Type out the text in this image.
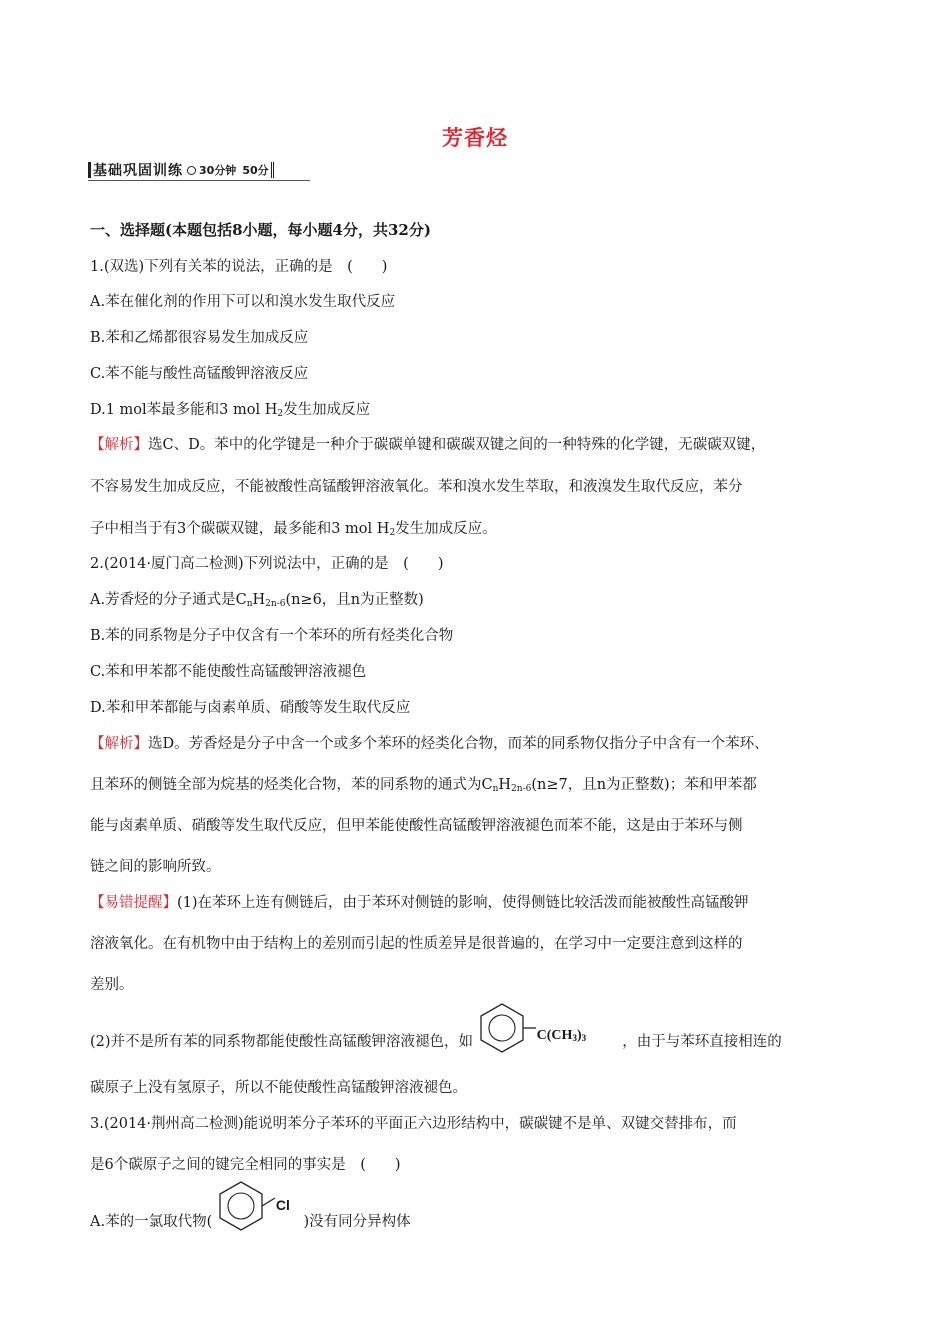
芳香烃
基础巩固训练 30分钟 50分
一、选择题(本题包括8小题，每小题4分，共32分)
1.(双选)下列有关苯的说法，正确的是　(　　)
A.苯在催化剂的作用下可以和溴水发生取代反应
B.苯和乙烯都很容易发生加成反应
C.苯不能与酸性高锰酸钾溶液反应
D.1 mol苯最多能和3 mol $H_2$发生加成反应
【解析】选C、D。苯中的化学键是一种介于碳碳单键和碳碳双键之间的一种特殊的化学键，无碳碳双键，
不容易发生加成反应，不能被酸性高锰酸钾溶液氧化。苯和溴水发生萃取，和液溴发生取代反应，苯分
子中相当于有3个碳碳双键，最多能和3 mol $H_2$发生加成反应。
2.(2014·厦门高二检测)下列说法中，正确的是　(　　)
A.芳香烃的分子通式是$C_nH_{2n-6}(n\ge 6$，且n为正整数)
B.苯的同系物是分子中仅含有一个苯环的所有烃类化合物
C.苯和甲苯都不能使酸性高锰酸钾溶液褪色
D.苯和甲苯都能与卤素单质、硝酸等发生取代反应
【解析】选D。芳香烃是分子中含一个或多个苯环的烃类化合物，而苯的同系物仅指分子中含有一个苯环、
且苯环的侧链全部为烷基的烃类化合物，苯的同系物的通式为$C_nH_{2n-6}(n\ge 7$，且n为正整数)；苯和甲苯都
能与卤素单质、硝酸等发生取代反应，但甲苯能使酸性高锰酸钾溶液褪色而苯不能，这是由于苯环与侧
链之间的影响所致。
【易错提醒】(1)在苯环上连有侧链后，由于苯环对侧链的影响，使得侧链比较活泼而能被酸性高锰酸钾
溶液氧化。在有机物中由于结构上的差别而引起的性质差异是很普遍的，在学习中一定要注意到这样的
差别。
(2)并不是所有苯的同系物都能使酸性高锰酸钾溶液褪色，如	$C(CH_3)_3$ ，由于与苯环直接相连的
碳原子上没有氢原子，所以不能使酸性高锰酸钾溶液褪色。
3.(2014·荆州高二检测)能说明苯分子苯环的平面正六边形结构中，碳碳键不是单、双键交替排布，而
是6个碳原子之间的键完全相同的事实是　(　　)
A.苯的一氯取代物(
Cl
)没有同分异构体
